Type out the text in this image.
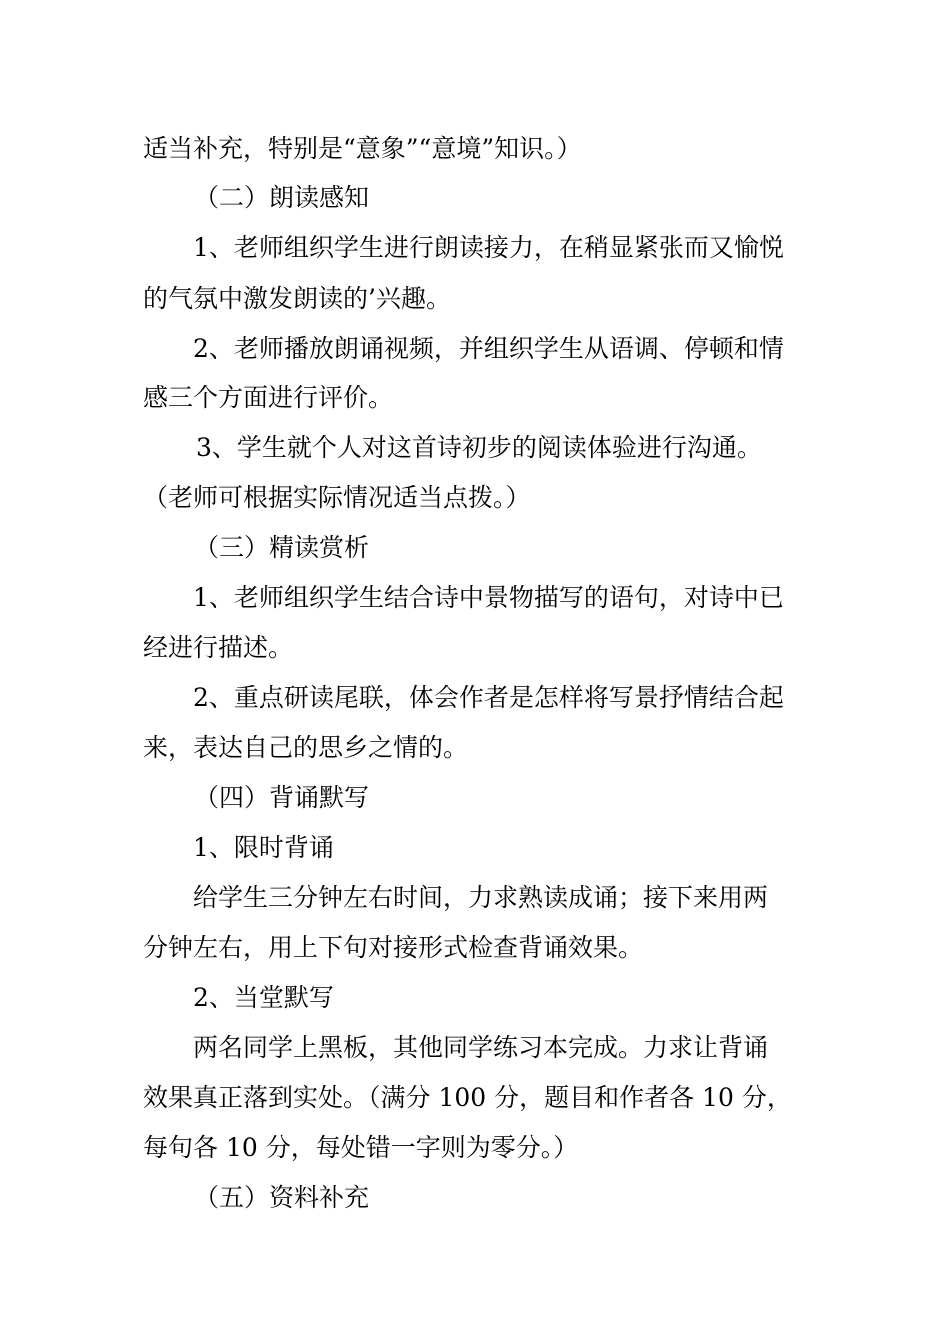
适当补充，特别是“意象”“意境”知识。）
（二）朗读感知
1、老师组织学生进行朗读接力，在稍显紧张而又愉悦
的气氛中激发朗读的’兴趣。
2、老师播放朗诵视频，并组织学生从语调、停顿和情
感三个方面进行评价。
3、学生就个人对这首诗初步的阅读体验进行沟通。
（老师可根据实际情况适当点拨。）
（三）精读赏析
1、老师组织学生结合诗中景物描写的语句，对诗中已
经进行描述。
2、重点研读尾联，体会作者是怎样将写景抒情结合起
来，表达自己的思乡之情的。
（四）背诵默写
1、限时背诵
给学生三分钟左右时间，力求熟读成诵；接下来用两
分钟左右，用上下句对接形式检查背诵效果。
2、当堂默写
两名同学上黑板，其他同学练习本完成。力求让背诵
效果真正落到实处。（满分 100 分，题目和作者各 10 分，
每句各 10 分，每处错一字则为零分。）
（五）资料补充
